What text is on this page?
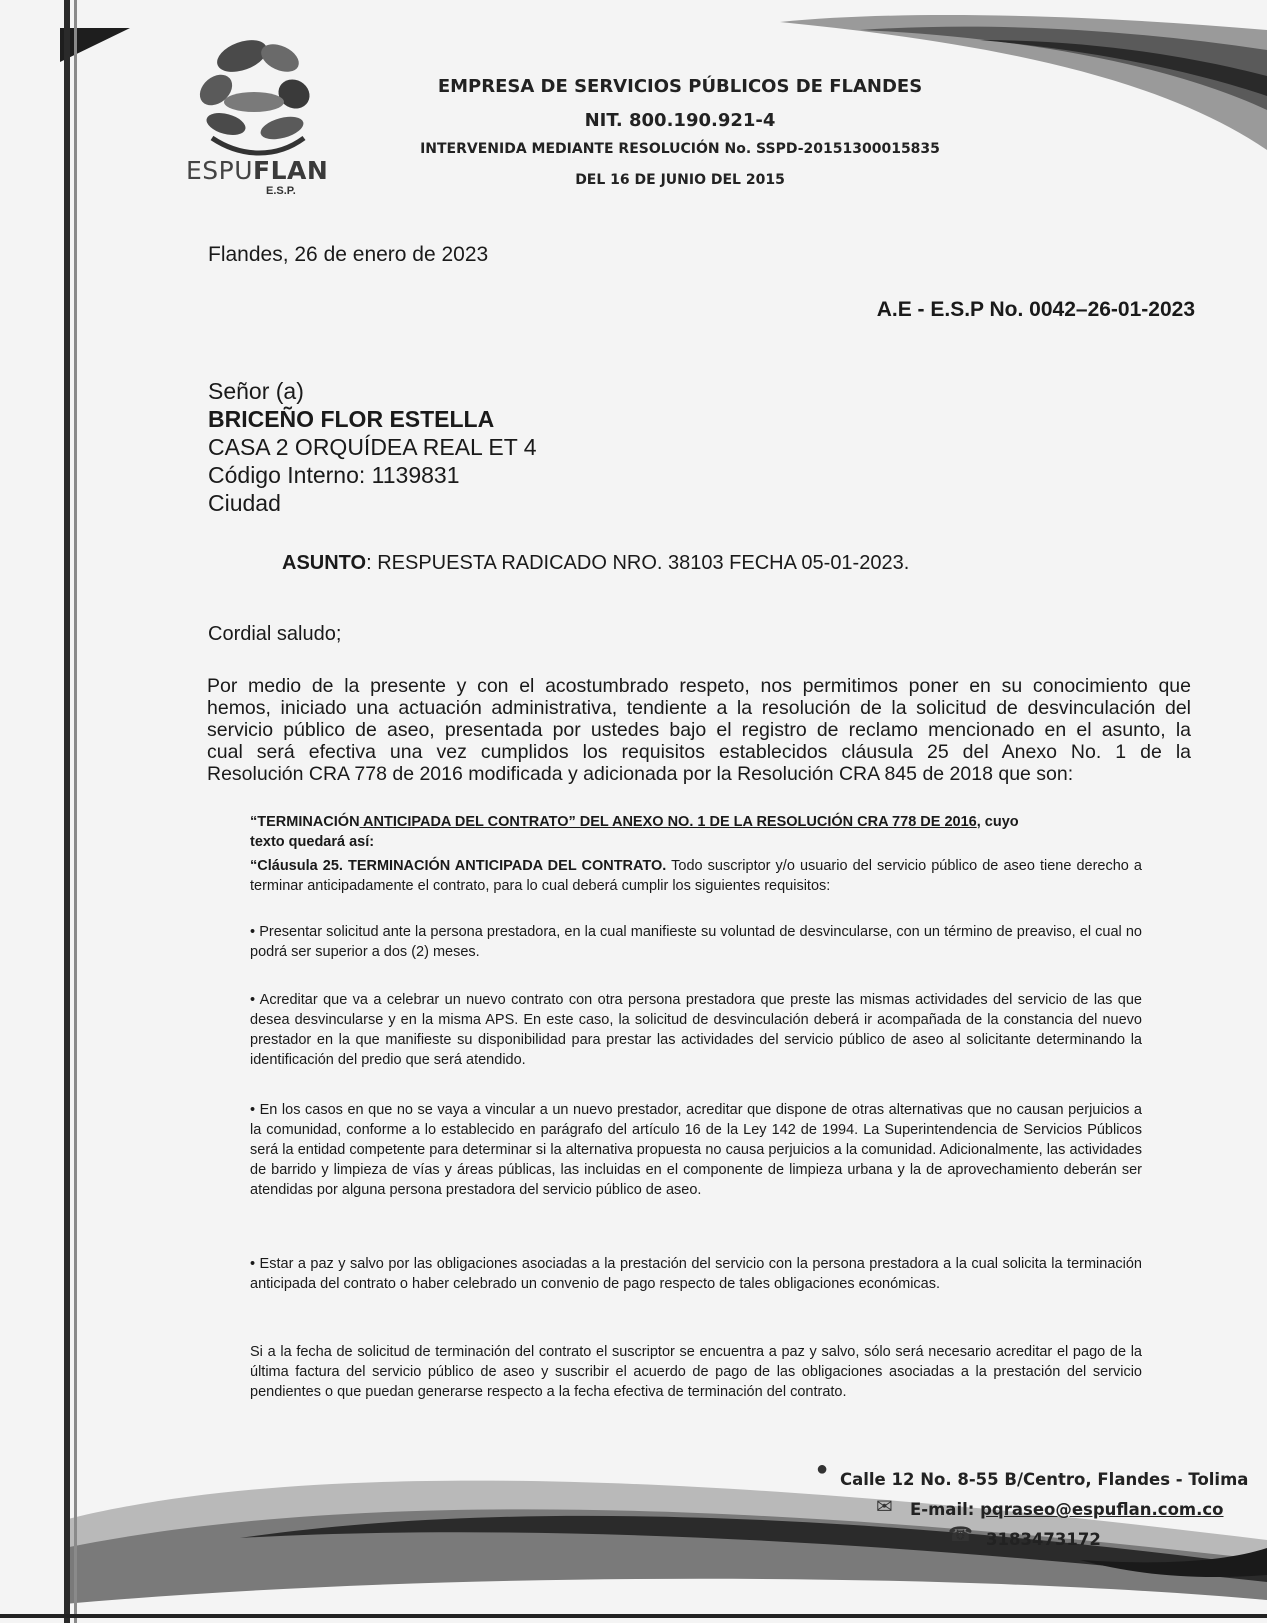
ESPUFLAN
E.S.P.
EMPRESA DE SERVICIOS PÚBLICOS DE FLANDES
NIT. 800.190.921-4
INTERVENIDA MEDIANTE RESOLUCIÓN No. SSPD-20151300015835
DEL 16 DE JUNIO DEL 2015
Flandes, 26 de enero de 2023
A.E - E.S.P No. 0042–26-01-2023
Señor (a)
BRICEÑO FLOR ESTELLA
CASA 2 ORQUÍDEA REAL ET 4
Código Interno: 1139831
Ciudad
ASUNTO: RESPUESTA RADICADO NRO. 38103 FECHA 05-01-2023.
Cordial saludo;
Por medio de la presente y con el acostumbrado respeto, nos permitimos poner en su conocimiento que
hemos, iniciado una actuación administrativa, tendiente a la resolución de la solicitud de desvinculación del
servicio público de aseo, presentada por ustedes bajo el registro de reclamo mencionado en el asunto, la
cual será efectiva una vez cumplidos los requisitos establecidos cláusula 25 del Anexo No. 1 de la
Resolución CRA 778 de 2016 modificada y adicionada por la Resolución CRA 845 de 2018 que son:
“TERMINACIÓN ANTICIPADA DEL CONTRATO” DEL ANEXO NO. 1 DE LA RESOLUCIÓN CRA 778 DE 2016, cuyo
texto quedará así:
“Cláusula 25. TERMINACIÓN ANTICIPADA DEL CONTRATO. Todo suscriptor y/o usuario del servicio público de aseo tiene derecho a terminar anticipadamente el contrato, para lo cual deberá cumplir los siguientes requisitos:
• Presentar solicitud ante la persona prestadora, en la cual manifieste su voluntad de desvincularse, con un término de preaviso, el cual no podrá ser superior a dos (2) meses.
• Acreditar que va a celebrar un nuevo contrato con otra persona prestadora que preste las mismas actividades del servicio de las que desea desvincularse y en la misma APS. En este caso, la solicitud de desvinculación deberá ir acompañada de la constancia del nuevo prestador en la que manifieste su disponibilidad para prestar las actividades del servicio público de aseo al solicitante determinando la identificación del predio que será atendido.
• En los casos en que no se vaya a vincular a un nuevo prestador, acreditar que dispone de otras alternativas que no causan perjuicios a la comunidad, conforme a lo establecido en parágrafo del artículo 16 de la Ley 142 de 1994. La Superintendencia de Servicios Públicos será la entidad competente para determinar si la alternativa propuesta no causa perjuicios a la comunidad. Adicionalmente, las actividades de barrido y limpieza de vías y áreas públicas, las incluidas en el componente de limpieza urbana y la de aprovechamiento deberán ser atendidas por alguna persona prestadora del servicio público de aseo.
• Estar a paz y salvo por las obligaciones asociadas a la prestación del servicio con la persona prestadora a la cual solicita la terminación anticipada del contrato o haber celebrado un convenio de pago respecto de tales obligaciones económicas.
Si a la fecha de solicitud de terminación del contrato el suscriptor se encuentra a paz y salvo, sólo será necesario acreditar el pago de la última factura del servicio público de aseo y suscribir el acuerdo de pago de las obligaciones asociadas a la prestación del servicio pendientes o que puedan generarse respecto a la fecha efectiva de terminación del contrato.
● Calle 12 No. 8-55 B/Centro, Flandes - Tolima
✉ E-mail: pqraseo@espuflan.com.co
☎ 3183473172
